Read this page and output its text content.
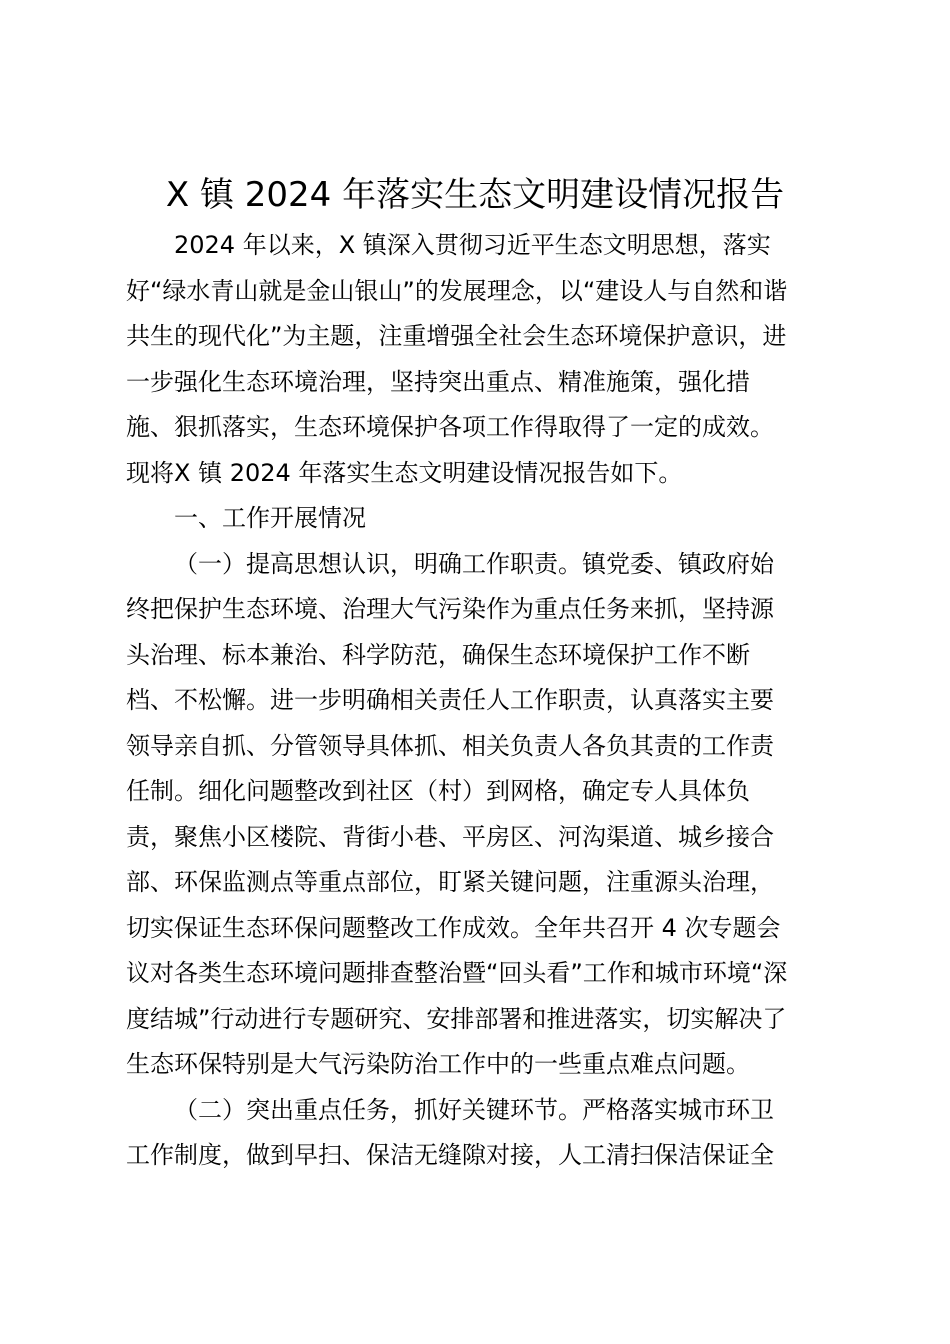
X 镇 2024 年落实生态文明建设情况报告
2024 年以来，X 镇深入贯彻习近平生态文明思想，落实
好“绿水青山就是金山银山”的发展理念，以“建设人与自然和谐
共生的现代化”为主题，注重增强全社会生态环境保护意识，进
一步强化生态环境治理，坚持突出重点、精准施策，强化措
施、狠抓落实，生态环境保护各项工作得取得了一定的成效。
现将X 镇 2024 年落实生态文明建设情况报告如下。
一、工作开展情况
（一）提高思想认识，明确工作职责。镇党委、镇政府始
终把保护生态环境、治理大气污染作为重点任务来抓，坚持源
头治理、标本兼治、科学防范，确保生态环境保护工作不断
档、不松懈。进一步明确相关责任人工作职责，认真落实主要
领导亲自抓、分管领导具体抓、相关负责人各负其责的工作责
任制。细化问题整改到社区（村）到网格，确定专人具体负
责，聚焦小区楼院、背街小巷、平房区、河沟渠道、城乡接合
部、环保监测点等重点部位，盯紧关键问题，注重源头治理，
切实保证生态环保问题整改工作成效。全年共召开 4 次专题会
议对各类生态环境问题排查整治暨“回头看”工作和城市环境“深
度结城”行动进行专题研究、安排部署和推进落实，切实解决了
生态环保特别是大气污染防治工作中的一些重点难点问题。
（二）突出重点任务，抓好关键环节。严格落实城市环卫
工作制度，做到早扫、保洁无缝隙对接，人工清扫保洁保证全
